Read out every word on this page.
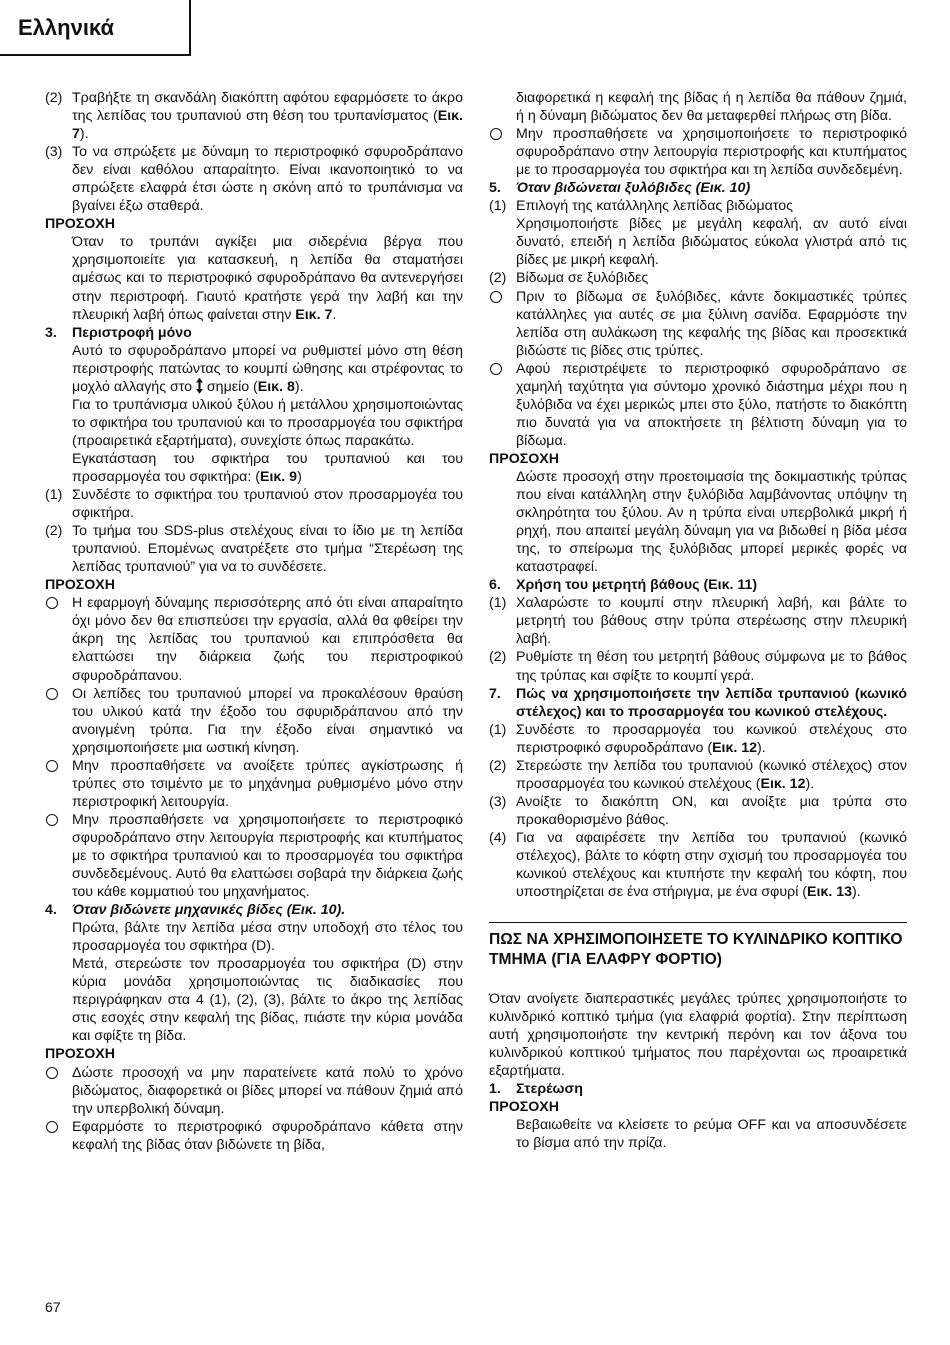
Ελληνικά
(2) Τραβήξτε τη σκανδάλη διακόπτη αφότου εφαρμόσετε το άκρο της λεπίδας του τρυπανιού στη θέση του τρυπανίσματος (Εικ. 7).
(3) Το να σπρώξετε με δύναμη το περιστροφικό σφυροδράπανο δεν είναι καθόλου απαραίτητο. Είναι ικανοποιητικό το να σπρώξετε ελαφρά έτσι ώστε η σκόνη από το τρυπάνισμα να βγαίνει έξω σταθερά.
ΠΡΟΣΟΧΗ
Όταν το τρυπάνι αγκίξει μια σιδερένια βέργα που χρησιμοποιείτε για κατασκευή, η λεπίδα θα σταματήσει αμέσως και το περιστροφικό σφυροδράπανο θα αντενεργήσει στην περιστροφή. Γιαυτό κρατήστε γερά την λαβή και την πλευρική λαβή όπως φαίνεται στην Εικ. 7.
3. Περιστροφή μόνο
Αυτό το σφυροδράπανο μπορεί να ρυθμιστεί μόνο στη θέση περιστροφής πατώντας το κουμπί ώθησης και στρέφοντας το μοχλό αλλαγής στο  σημείο (Εικ. 8).
Για το τρυπάνισμα υλικού ξύλου ή μετάλλου χρησιμοποιώντας το σφικτήρα του τρυπανιού και το προσαρμογέα του σφικτήρα (προαιρετικά εξαρτήματα), συνεχίστε όπως παρακάτω.
Εγκατάσταση του σφικτήρα του τρυπανιού και του προσαρμογέα του σφικτήρα: (Εικ. 9)
(1) Συνδέστε το σφικτήρα του τρυπανιού στον προσαρμογέα του σφικτήρα.
(2) Το τμήμα του SDS-plus στελέχους είναι το ίδιο με τη λεπίδα τρυπανιού. Επομένως ανατρέξετε στο τμήμα “Στερέωση της λεπίδας τρυπανιού” για να το συνδέσετε.
ΠΡΟΣΟΧΗ
Η εφαρμογή δύναμης περισσότερης από ότι είναι απαραίτητο όχι μόνο δεν θα επισπεύσει την εργασία, αλλά θα φθείρει την άκρη της λεπίδας του τρυπανιού και επιπρόσθετα θα ελαττώσει την διάρκεια ζωής του περιστροφικού σφυροδράπανου.
Οι λεπίδες του τρυπανιού μπορεί να προκαλέσουν θραύση του υλικού κατά την έξοδο του σφυριδράπανου από την ανοιγμένη τρύπα. Για την έξοδο είναι σημαντικό να χρησιμοποιήσετε μια ωστική κίνηση.
Μην προσπαθήσετε να ανοίξετε τρύπες αγκίστρωσης ή τρύπες στο τσιμέντο με το μηχάνημα ρυθμισμένο μόνο στην περιστροφική λειτουργία.
Μην προσπαθήσετε να χρησιμοποιήσετε το περιστροφικό σφυροδράπανο στην λειτουργία περιστροφής και κτυπήματος με το σφικτήρα τρυπανιού και το προσαρμογέα του σφικτήρα συνδεδεμένους. Αυτό θα ελαττώσει σοβαρά την διάρκεια ζωής του κάθε κομματιού του μηχανήματος.
4. Όταν βιδώνετε μηχανικές βίδες (Εικ. 10).
Πρώτα, βάλτε την λεπίδα μέσα στην υποδοχή στο τέλος του προσαρμογέα του σφικτήρα (D).
Μετά, στερεώστε τον προσαρμογέα του σφικτήρα (D) στην κύρια μονάδα χρησιμοποιώντας τις διαδικασίες που περιγράφηκαν στα 4 (1), (2), (3), βάλτε το άκρο της λεπίδας στις εσοχές στην κεφαλή της βίδας, πιάστε την κύρια μονάδα και σφίξτε τη βίδα.
ΠΡΟΣΟΧΗ
Δώστε προσοχή να μην παρατείνετε κατά πολύ το χρόνο βιδώματος, διαφορετικά οι βίδες μπορεί να πάθουν ζημιά από την υπερβολική δύναμη.
Εφαρμόστε το περιστροφικό σφυροδράπανο κάθετα στην κεφαλή της βίδας όταν βιδώνετε τη βίδα,
διαφορετικά η κεφαλή της βίδας ή η λεπίδα θα πάθουν ζημιά, ή η δύναμη βιδώματος δεν θα μεταφερθεί πλήρως στη βίδα.
Μην προσπαθήσετε να χρησιμοποιήσετε το περιστροφικό σφυροδράπανο στην λειτουργία περιστροφής και κτυπήματος με το προσαρμογέα του σφικτήρα και τη λεπίδα συνδεδεμένη.
5. Όταν βιδώνεται ξυλόβιδες (Εικ. 10)
(1) Επιλογή της κατάλληλης λεπίδας βιδώματος
Χρησιμοποιήστε βίδες με μεγάλη κεφαλή, αν αυτό είναι δυνατό, επειδή η λεπίδα βιδώματος εύκολα γλιστρά από τις βίδες με μικρή κεφαλή.
(2) Βίδωμα σε ξυλόβιδες
Πριν το βίδωμα σε ξυλόβιδες, κάντε δοκιμαστικές τρύπες κατάλληλες για αυτές σε μια ξύλινη σανίδα. Εφαρμόστε την λεπίδα στη αυλάκωση της κεφαλής της βίδας και προσεκτικά βιδώστε τις βίδες στις τρύπες.
Αφού περιστρέψετε το περιστροφικό σφυροδράπανο σε χαμηλή ταχύτητα για σύντομο χρονικό διάστημα μέχρι που η ξυλόβιδα να έχει μερικώς μπει στο ξύλο, πατήστε το διακόπτη πιο δυνατά για να αποκτήσετε τη βέλτιστη δύναμη για το βίδωμα.
ΠΡΟΣΟΧΗ
Δώστε προσοχή στην προετοιμασία της δοκιμαστικής τρύπας που είναι κατάλληλη στην ξυλόβιδα λαμβάνοντας υπόψην τη σκληρότητα του ξύλου. Αν η τρύπα είναι υπερβολικά μικρή ή ρηχή, που απαιτεί μεγάλη δύναμη για να βιδωθεί η βίδα μέσα της, το σπείρωμα της ξυλόβιδας μπορεί μερικές φορές να καταστραφεί.
6. Χρήση του μετρητή βάθους (Εικ. 11)
(1) Χαλαρώστε το κουμπί στην πλευρική λαβή, και βάλτε το μετρητή του βάθους στην τρύπα στερέωσης στην πλευρική λαβή.
(2) Ρυθμίστε τη θέση του μετρητή βάθους σύμφωνα με το βάθος της τρύπας και σφίξτε το κουμπί γερά.
7. Πώς να χρησιμοποιήσετε την λεπίδα τρυπανιού (κωνικό στέλεχος) και το προσαρμογέα του κωνικού στελέχους.
(1) Συνδέστε το προσαρμογέα του κωνικού στελέχους στο περιστροφικό σφυροδράπανο (Εικ. 12).
(2) Στερεώστε την λεπίδα του τρυπανιού (κωνικό στέλεχος) στον προσαρμογέα του κωνικού στελέχους (Εικ. 12).
(3) Ανοίξτε το διακόπτη ON, και ανοίξτε μια τρύπα στο προκαθορισμένο βάθος.
(4) Για να αφαιρέσετε την λεπίδα του τρυπανιού (κωνικό στέλεχος), βάλτε το κόφτη στην σχισμή του προσαρμογέα του κωνικού στελέχους και κτυπήστε την κεφαλή του κόφτη, που υποστηρίζεται σε ένα στήριγμα, με ένα σφυρί (Εικ. 13).
ΠΩΣ ΝΑ ΧΡΗΣΙΜΟΠΟΙΗΣΕΤΕ ΤΟ ΚΥΛΙΝΔΡΙΚΟ ΚΟΠΤΙΚΟ ΤΜΗΜΑ (ΓΙΑ ΕΛΑΦΡΥ ΦΟΡΤΙΟ)
Όταν ανοίγετε διαπεραστικές μεγάλες τρύπες χρησιμοποιήστε το κυλινδρικό κοπτικό τμήμα (για ελαφριά φορτία). Στην περίπτωση αυτή χρησιμοποιήστε την κεντρική περόνη και τον άξονα του κυλινδρικού κοπτικού τμήματος που παρέχονται ως προαιρετικά εξαρτήματα.
1. Στερέωση
ΠΡΟΣΟΧΗ
Βεβαιωθείτε να κλείσετε το ρεύμα OFF και να αποσυνδέσετε το βίσμα από την πρίζα.
67
